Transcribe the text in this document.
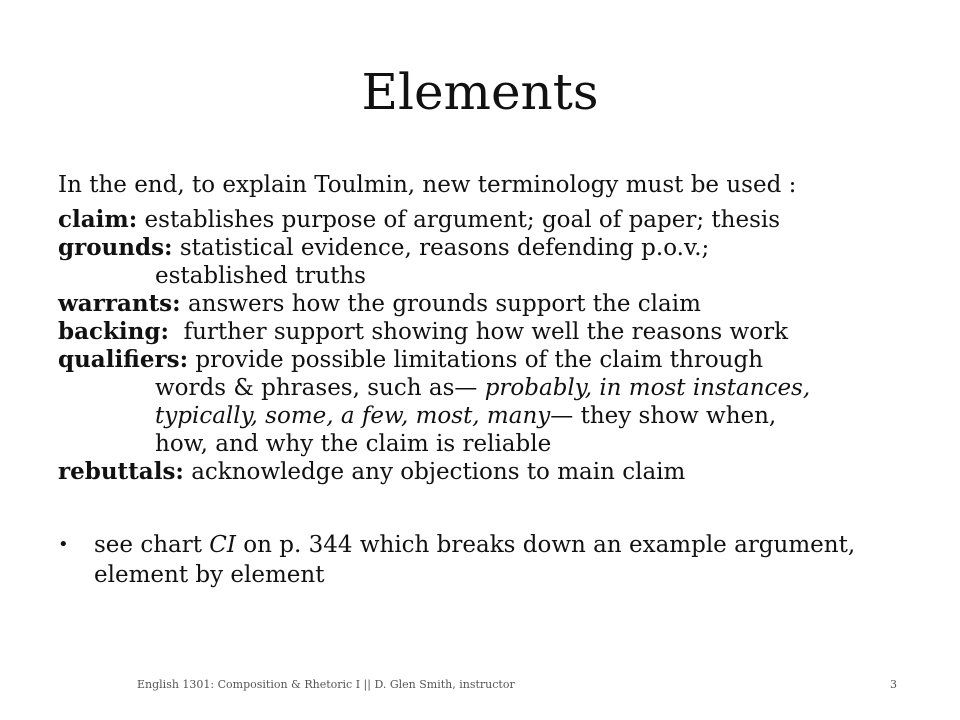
Elements
In the end, to explain Toulmin, new terminology must be used :
claim: establishes purpose of argument; goal of paper; thesis
grounds: statistical evidence, reasons defending p.o.v.;
established truths
warrants: answers how the grounds support the claim
backing:  further support showing how well the reasons work
qualifiers: provide possible limitations of the claim through
words & phrases, such as— probably, in most instances,
typically, some, a few, most, many— they show when,
how, and why the claim is reliable
rebuttals: acknowledge any objections to main claim
•	see chart CI on p. 344 which breaks down an example argument, element by element
English 1301: Composition & Rhetoric I || D. Glen Smith, instructor	3
